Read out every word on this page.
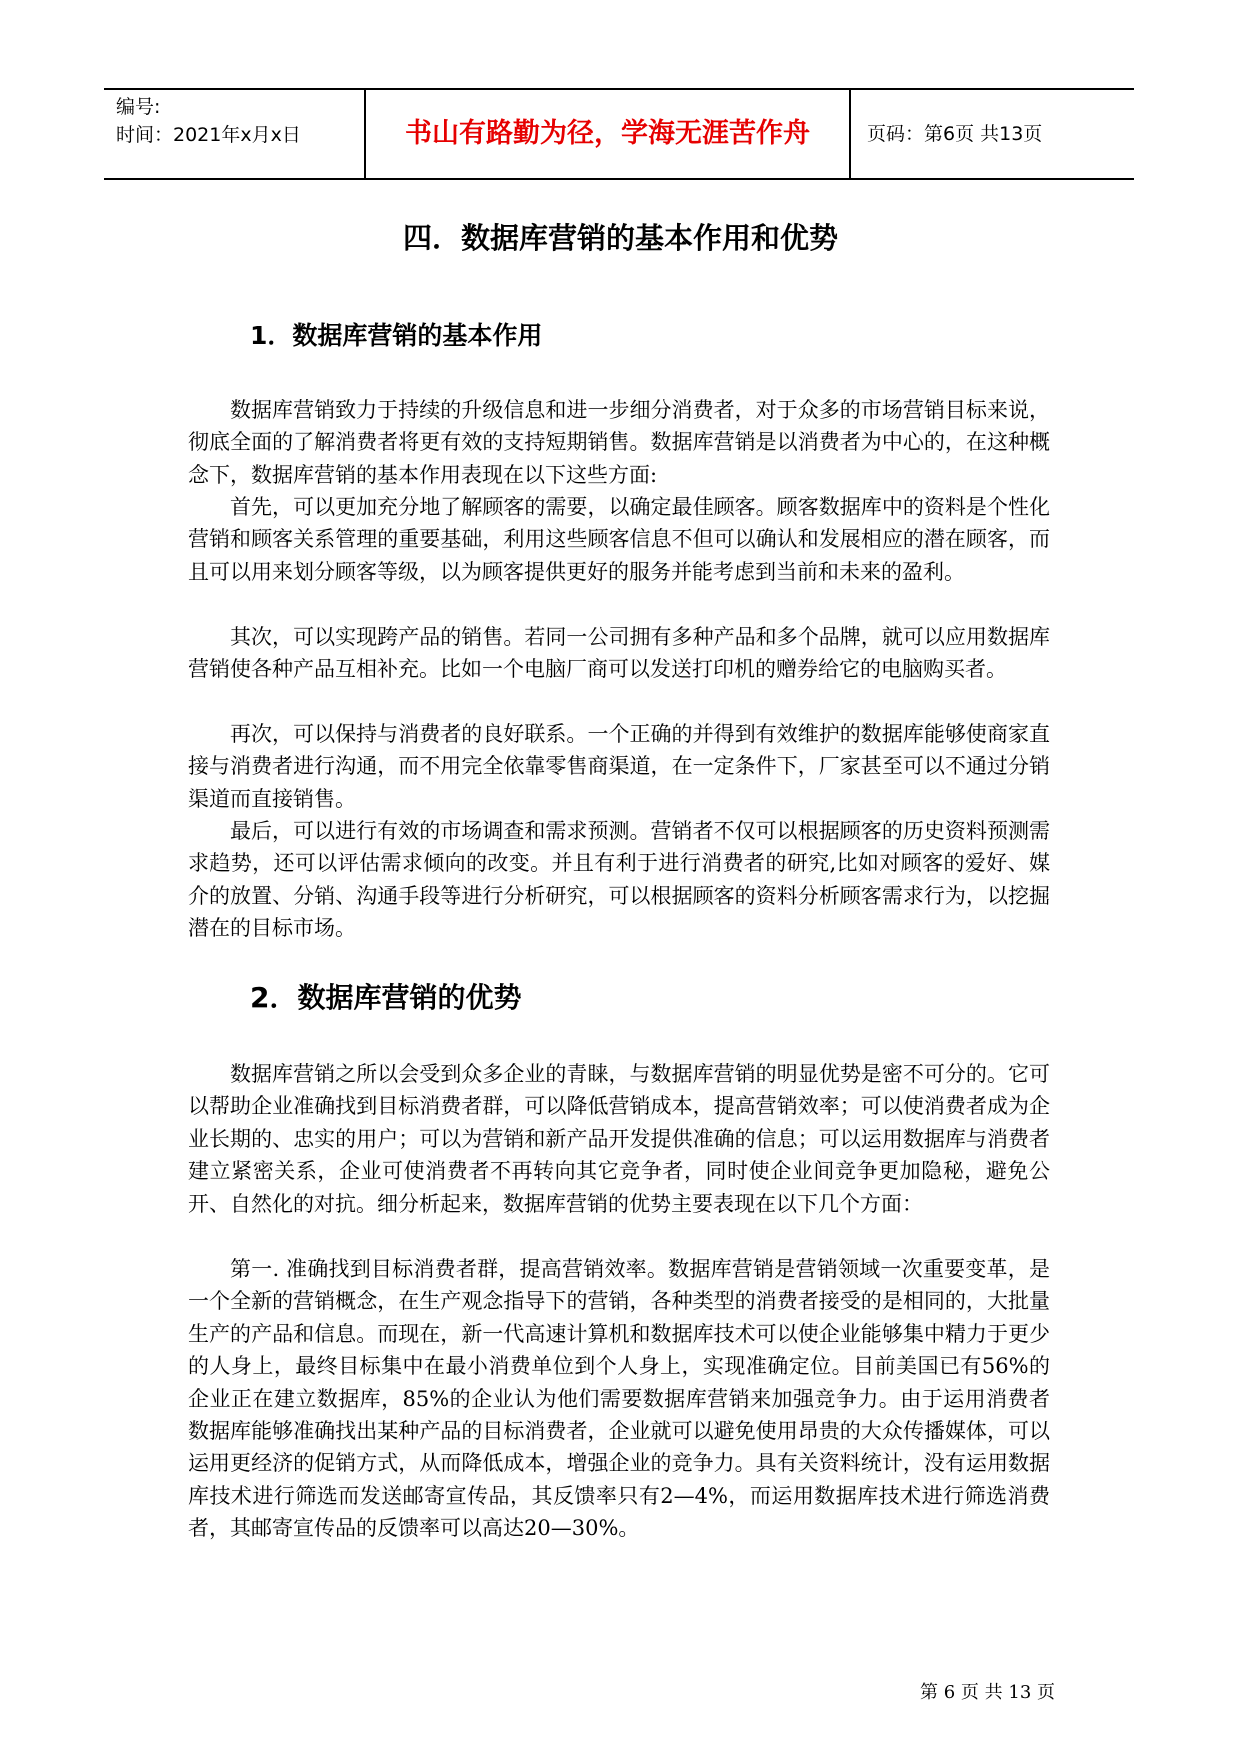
编号:
时间：2021年x月x日	书山有路勤为径，学海无涯苦作舟	页码：第6页 共13页
四．数据库营销的基本作用和优势
1．数据库营销的基本作用

数据库营销致力于持续的升级信息和进一步细分消费者，对于众多的市场营销目标来说，彻底全面的了解消费者将更有效的支持短期销售。数据库营销是以消费者为中心的，在这种概念下，数据库营销的基本作用表现在以下这些方面:

首先，可以更加充分地了解顾客的需要，以确定最佳顾客。顾客数据库中的资料是个性化营销和顾客关系管理的重要基础，利用这些顾客信息不但可以确认和发展相应的潜在顾客，而且可以用来划分顾客等级，以为顾客提供更好的服务并能考虑到当前和未来的盈利。

其次，可以实现跨产品的销售。若同一公司拥有多种产品和多个品牌，就可以应用数据库营销使各种产品互相补充。比如一个电脑厂商可以发送打印机的赠券给它的电脑购买者。

再次，可以保持与消费者的良好联系。一个正确的并得到有效维护的数据库能够使商家直接与消费者进行沟通，而不用完全依靠零售商渠道，在一定条件下，厂家甚至可以不通过分销渠道而直接销售。

最后，可以进行有效的市场调查和需求预测。营销者不仅可以根据顾客的历史资料预测需求趋势，还可以评估需求倾向的改变。并且有利于进行消费者的研究,比如对顾客的爱好、媒介的放置、分销、沟通手段等进行分析研究，可以根据顾客的资料分析顾客需求行为，以挖掘潜在的目标市场。

2．数据库营销的优势

数据库营销之所以会受到众多企业的青睐，与数据库营销的明显优势是密不可分的。它可以帮助企业准确找到目标消费者群，可以降低营销成本，提高营销效率；可以使消费者成为企业长期的、忠实的用户；可以为营销和新产品开发提供准确的信息；可以运用数据库与消费者建立紧密关系，企业可使消费者不再转向其它竞争者，同时使企业间竞争更加隐秘，避免公开、自然化的对抗。细分析起来，数据库营销的优势主要表现在以下几个方面：

第一. 准确找到目标消费者群，提高营销效率。数据库营销是营销领域一次重要变革，是一个全新的营销概念，在生产观念指导下的营销，各种类型的消费者接受的是相同的，大批量生产的产品和信息。而现在，新一代高速计算机和数据库技术可以使企业能够集中精力于更少的人身上，最终目标集中在最小消费单位到个人身上，实现准确定位。目前美国已有56%的企业正在建立数据库，85%的企业认为他们需要数据库营销来加强竞争力。由于运用消费者数据库能够准确找出某种产品的目标消费者，企业就可以避免使用昂贵的大众传播媒体，可以运用更经济的促销方式，从而降低成本，增强企业的竞争力。具有关资料统计，没有运用数据库技术进行筛选而发送邮寄宣传品，其反馈率只有2—4%，而运用数据库技术进行筛选消费者，其邮寄宣传品的反馈率可以高达20—30%。

第 6 页 共 13 页
